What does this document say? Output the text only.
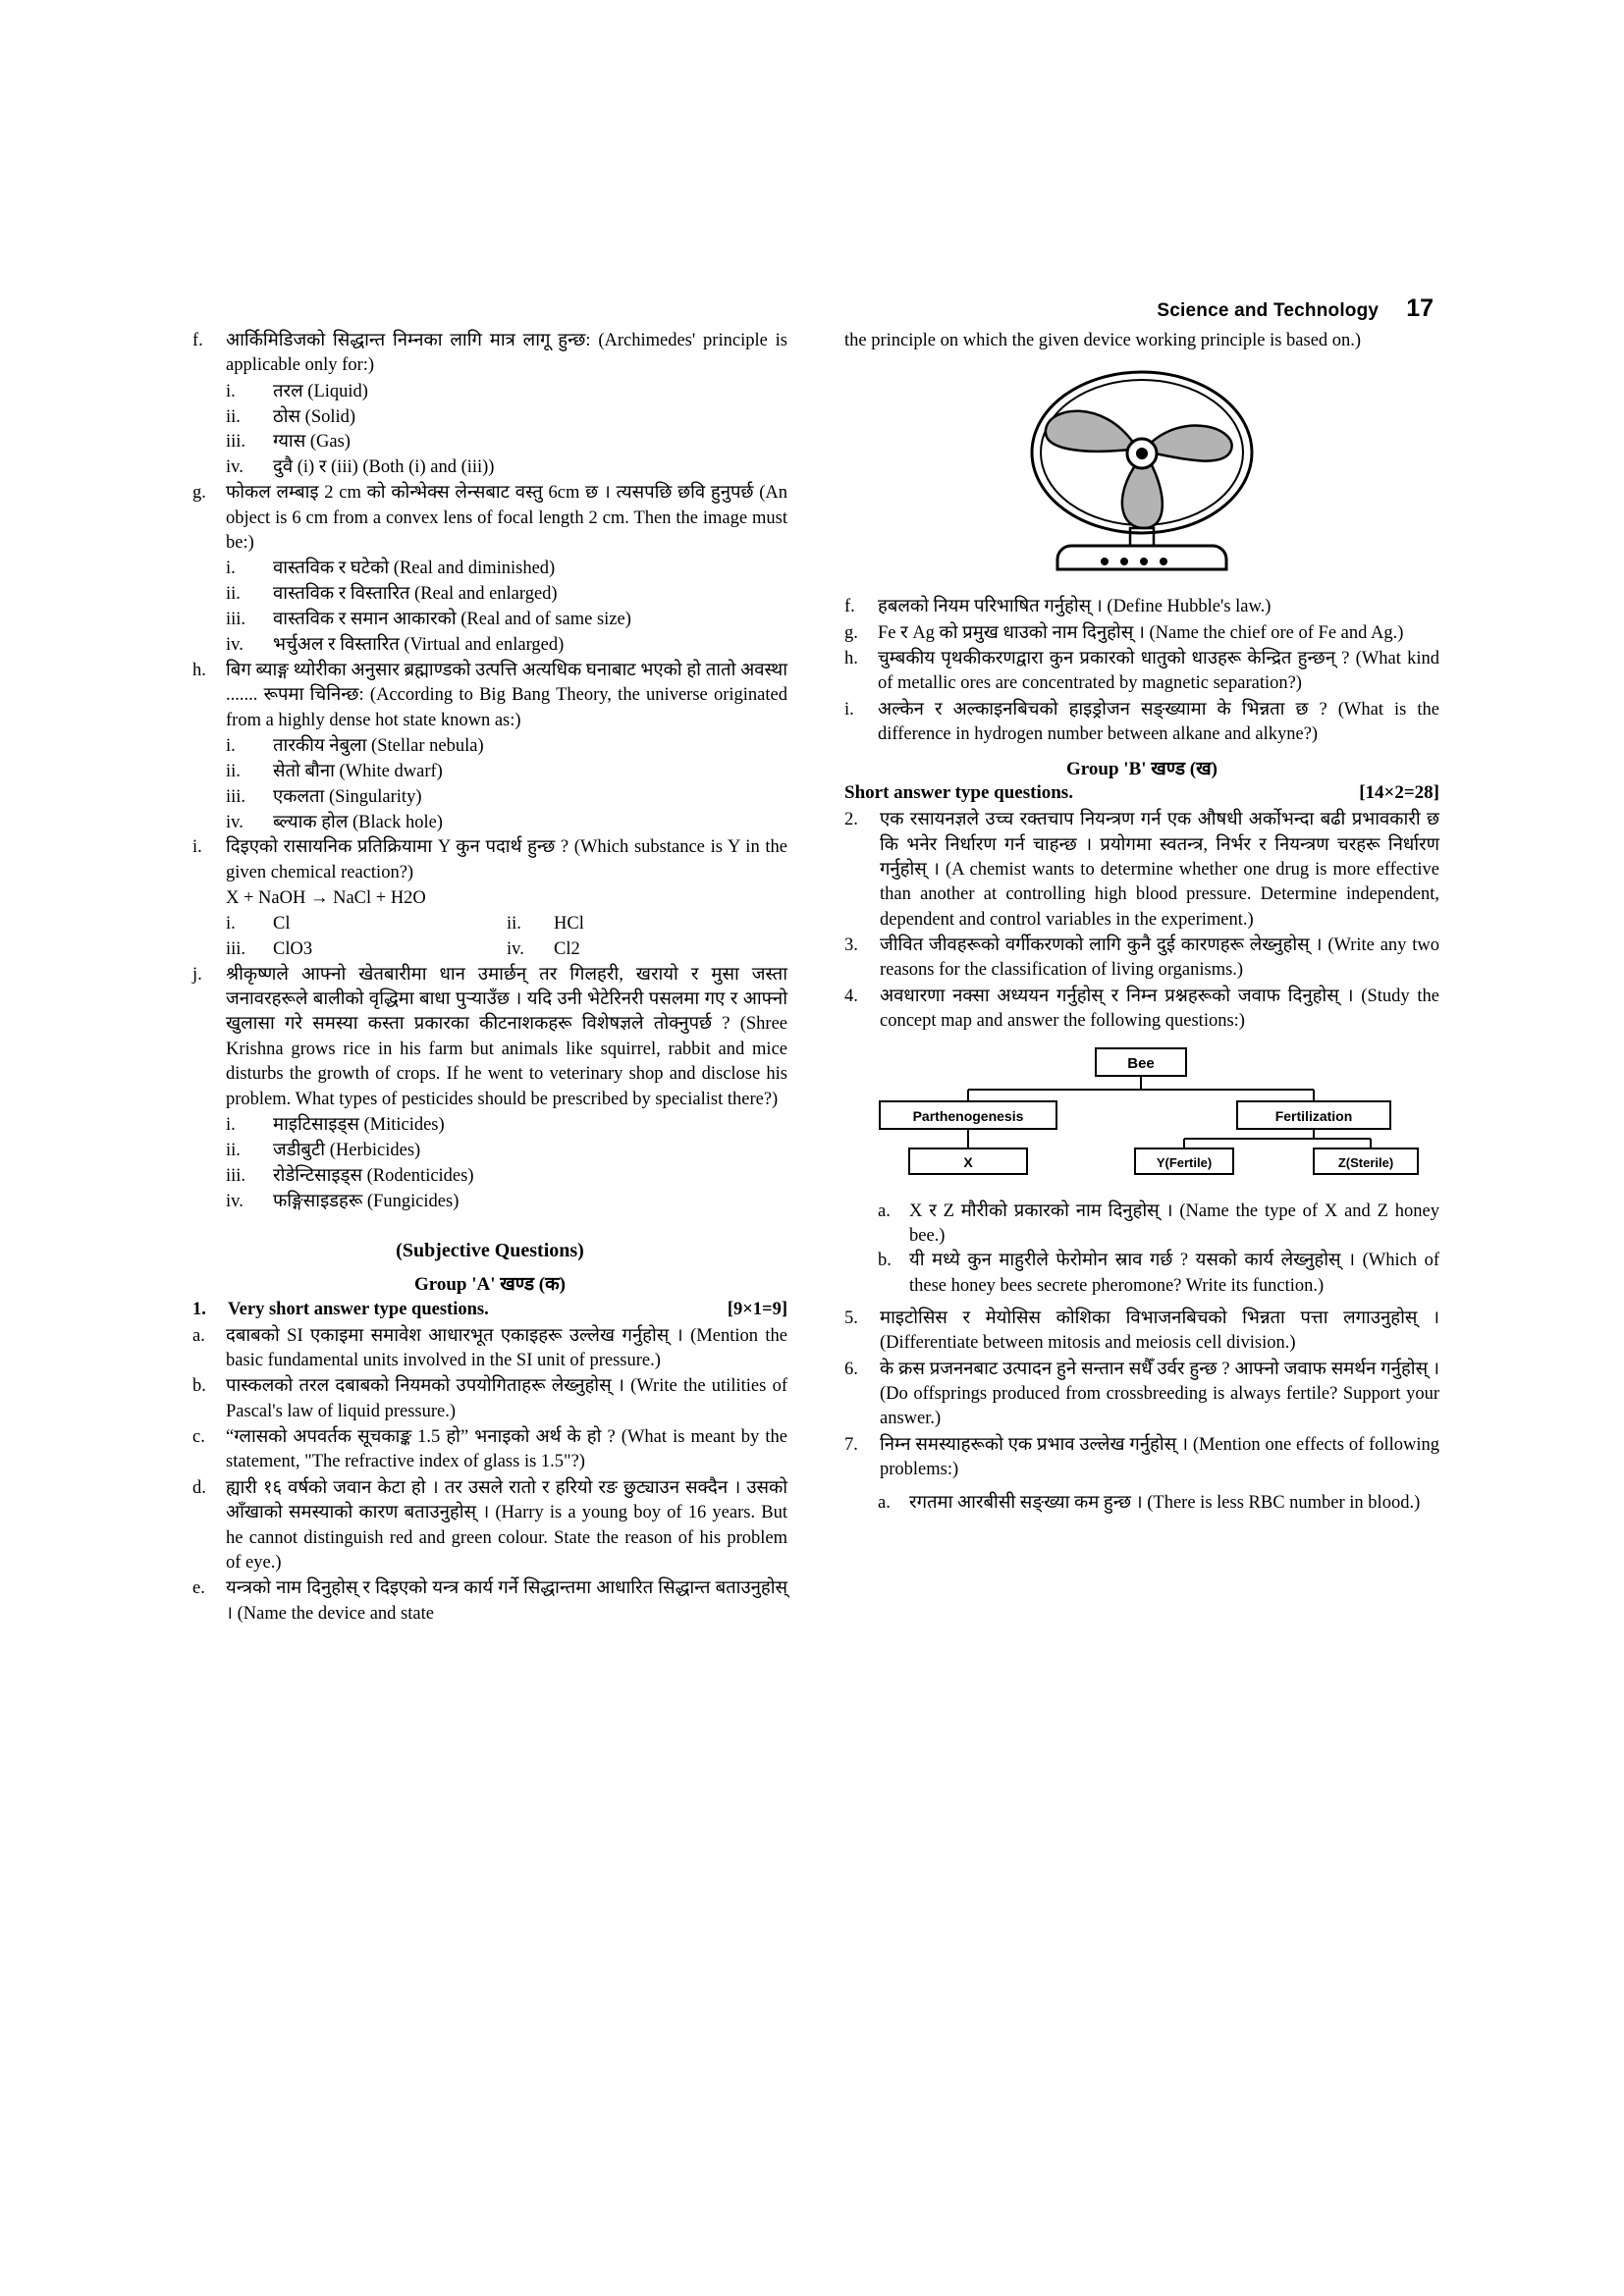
Science and Technology 17
f.	आर्किमिडिजको सिद्धान्त निम्नका लागि मात्र लागू हुन्छ: (Archimedes' principle is applicable only for:)
i.	तरल (Liquid)
ii.	ठोस (Solid)
iii.	ग्यास (Gas)
iv.	दुवै (i) र (iii) (Both (i) and (iii))
g.	फोकल लम्बाइ 2 cm को कोन्भेक्स लेन्सबाट वस्तु 6cm छ । त्यसपछि छवि हुनुपर्छ (An object is 6 cm from a convex lens of focal length 2 cm. Then the image must be:)
i.	वास्तविक र घटेको (Real and diminished)
ii.	वास्तविक र विस्तारित (Real and enlarged)
iii.	वास्तविक र समान आकारको (Real and of same size)
iv.	भर्चुअल र विस्तारित (Virtual and enlarged)
h.	बिग ब्याङ्ग थ्योरीका अनुसार ब्रह्माण्डको उत्पत्ति अत्यधिक घनाबाट भएको हो तातो अवस्था ....... रूपमा चिनिन्छ: (According to Big Bang Theory, the universe originated from a highly dense hot state known as:)
i.	तारकीय नेबुला (Stellar nebula)
ii.	सेतो बौना (White dwarf)
iii.	एकलता (Singularity)
iv.	ब्ल्याक होल (Black hole)
i.	दिइएको रासायनिक प्रतिक्रियामा Y कुन पदार्थ हुन्छ ? (Which substance is Y in the given chemical reaction?)
X + NaOH → NaCl + H2O
i.	Cl	ii.	HCl
iii.	ClO3	iv.	Cl2
j.	श्रीकृष्णले आफ्नो खेतबारीमा धान उमार्छन् तर गिलहरी, खरायो र मुसा जस्ता जनावरहरूले बालीको वृद्धिमा बाधा पुर्‍याउँछ । यदि उनी भेटेरिनरी पसलमा गए र आफ्नो खुलासा गरे समस्या कस्ता प्रकारका कीटनाशकहरू विशेषज्ञले तोक्नुपर्छ ? (Shree Krishna grows rice in his farm but animals like squirrel, rabbit and mice disturbs the growth of crops. If he went to veterinary shop and disclose his problem. What types of pesticides should be prescribed by specialist there?)
i.	माइटिसाइड्स (Miticides)
ii.	जडीबुटी (Herbicides)
iii.	रोडेन्टिसाइड्स (Rodenticides)
iv.	फङ्गिसाइडहरू (Fungicides)
(Subjective Questions)
Group 'A' खण्ड (क)
1.	Very short answer type questions.	[9×1=9]
a.	दबाबको SI एकाइमा समावेश आधारभूत एकाइहरू उल्लेख गर्नुहोस् । (Mention the basic fundamental units involved in the SI unit of pressure.)
b.	पास्कलको तरल दबाबको नियमको उपयोगिताहरू लेख्नुहोस् । (Write the utilities of Pascal's law of liquid pressure.)
c.	“ग्लासको अपवर्तक सूचकाङ्क 1.5 हो” भनाइको अर्थ के हो ? (What is meant by the statement, "The refractive index of glass is 1.5"?)
d.	ह्यारी १६ वर्षको जवान केटा हो । तर उसले रातो र हरियो रङ छुट्याउन सक्दैन । उसको आँखाको समस्याको कारण बताउनुहोस् । (Harry is a young boy of 16 years. But he cannot distinguish red and green colour. State the reason of his problem of eye.)
e.	यन्त्रको नाम दिनुहोस् र दिइएको यन्त्र कार्य गर्ने सिद्धान्तमा आधारित सिद्धान्त बताउनुहोस् । (Name the device and state
the principle on which the given device working principle is based on.)
f.	हबलको नियम परिभाषित गर्नुहोस् । (Define Hubble's law.)
g.	Fe र Ag को प्रमुख धाउको नाम दिनुहोस् । (Name the chief ore of Fe and Ag.)
h.	चुम्बकीय पृथकीकरणद्वारा कुन प्रकारको धातुको धाउहरू केन्द्रित हुन्छन् ? (What kind of metallic ores are concentrated by magnetic separation?)
i.	अल्केन र अल्काइनबिचको हाइड्रोजन सङ्ख्यामा के भिन्नता छ ? (What is the difference in hydrogen number between alkane and alkyne?)
Group 'B' खण्ड (ख)
Short answer type questions.	[14×2=28]
2.	एक रसायनज्ञले उच्च रक्तचाप नियन्त्रण गर्न एक औषधी अर्कोभन्दा बढी प्रभावकारी छ कि भनेर निर्धारण गर्न चाहन्छ । प्रयोगमा स्वतन्त्र, निर्भर र नियन्त्रण चरहरू निर्धारण गर्नुहोस् । (A chemist wants to determine whether one drug is more effective than another at controlling high blood pressure. Determine independent, dependent and control variables in the experiment.)
3.	जीवित जीवहरूको वर्गीकरणको लागि कुनै दुई कारणहरू लेख्नुहोस् । (Write any two reasons for the classification of living organisms.)
4.	अवधारणा नक्सा अध्ययन गर्नुहोस् र निम्न प्रश्नहरूको जवाफ दिनुहोस् । (Study the concept map and answer the following questions:)
Bee
Parthenogenesis	Fertilization
X	Y(Fertile)	Z(Sterile)
a.	X र Z मौरीको प्रकारको नाम दिनुहोस् । (Name the type of X and Z honey bee.)
b. यी मध्ये कुन माहुरीले फेरोमोन स्राव गर्छ ? यसको कार्य लेख्नुहोस् । (Which of these honey bees secrete pheromone? Write its function.)
5.	माइटोसिस र मेयोसिस कोशिका विभाजनबिचको भिन्नता पत्ता लगाउनुहोस् । (Differentiate between mitosis and meiosis cell division.)
6.	के क्रस प्रजननबाट उत्पादन हुने सन्तान सधैँ उर्वर हुन्छ ? आफ्नो जवाफ समर्थन गर्नुहोस् । (Do offsprings produced from crossbreeding is always fertile? Support your answer.)
7.	निम्न समस्याहरूको एक प्रभाव उल्लेख गर्नुहोस् । (Mention one effects of following problems:)
a.	रगतमा आरबीसी सङ्ख्या कम हुन्छ । (There is less RBC number in blood.)
